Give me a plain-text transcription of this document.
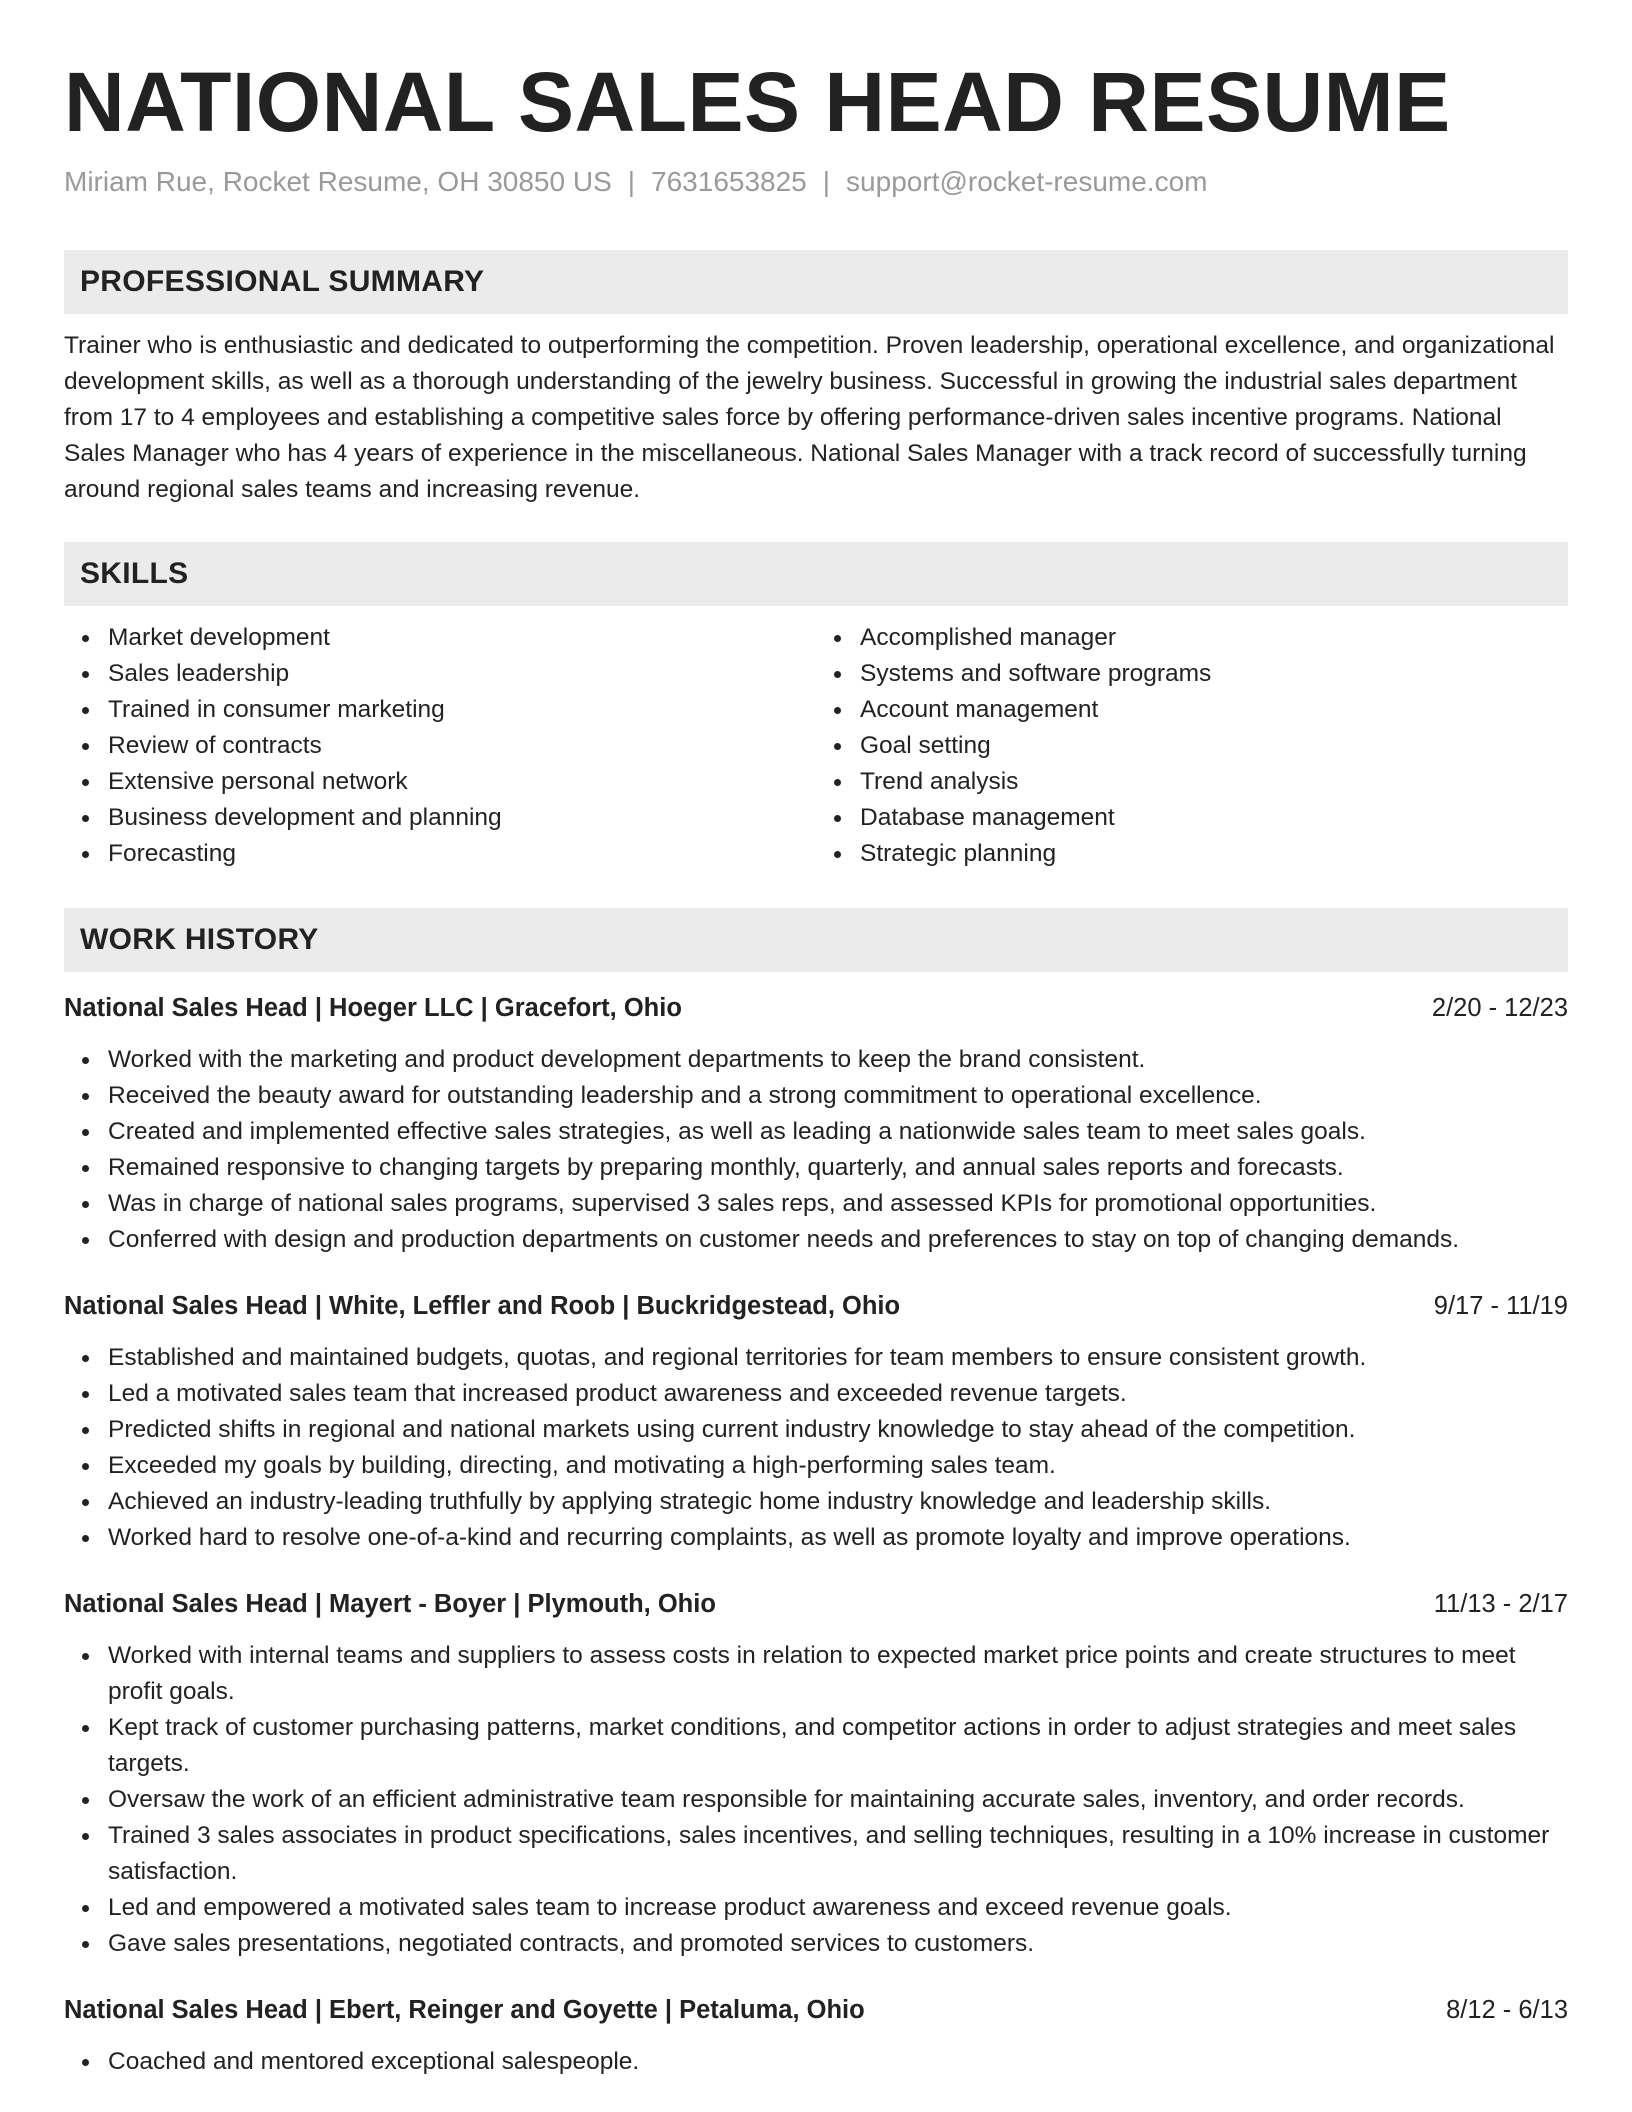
NATIONAL SALES HEAD RESUME
Miriam Rue, Rocket Resume, OH 30850 US | 7631653825 | support@rocket-resume.com
PROFESSIONAL SUMMARY

Trainer who is enthusiastic and dedicated to outperforming the competition. Proven leadership, operational excellence, and organizational development skills, as well as a thorough understanding of the jewelry business. Successful in growing the industrial sales department from 17 to 4 employees and establishing a competitive sales force by offering performance-driven sales incentive programs. National Sales Manager who has 4 years of experience in the miscellaneous. National Sales Manager with a track record of successfully turning around regional sales teams and increasing revenue.

SKILLS
Market development
Sales leadership
Trained in consumer marketing
Review of contracts
Extensive personal network
Business development and planning
Forecasting
Accomplished manager
Systems and software programs
Account management
Goal setting
Trend analysis
Database management
Strategic planning
WORK HISTORY
National Sales Head | Hoeger LLC | Gracefort, Ohio	2/20 - 12/23
Worked with the marketing and product development departments to keep the brand consistent.
Received the beauty award for outstanding leadership and a strong commitment to operational excellence.
Created and implemented effective sales strategies, as well as leading a nationwide sales team to meet sales goals.
Remained responsive to changing targets by preparing monthly, quarterly, and annual sales reports and forecasts.
Was in charge of national sales programs, supervised 3 sales reps, and assessed KPIs for promotional opportunities.
Conferred with design and production departments on customer needs and preferences to stay on top of changing demands.
National Sales Head | White, Leffler and Roob | Buckridgestead, Ohio	9/17 - 11/19
Established and maintained budgets, quotas, and regional territories for team members to ensure consistent growth.
Led a motivated sales team that increased product awareness and exceeded revenue targets.
Predicted shifts in regional and national markets using current industry knowledge to stay ahead of the competition.
Exceeded my goals by building, directing, and motivating a high-performing sales team.
Achieved an industry-leading truthfully by applying strategic home industry knowledge and leadership skills.
Worked hard to resolve one-of-a-kind and recurring complaints, as well as promote loyalty and improve operations.
National Sales Head | Mayert - Boyer | Plymouth, Ohio	11/13 - 2/17
Worked with internal teams and suppliers to assess costs in relation to expected market price points and create structures to meet profit goals.
Kept track of customer purchasing patterns, market conditions, and competitor actions in order to adjust strategies and meet sales targets.
Oversaw the work of an efficient administrative team responsible for maintaining accurate sales, inventory, and order records.
Trained 3 sales associates in product specifications, sales incentives, and selling techniques, resulting in a 10% increase in customer satisfaction.
Led and empowered a motivated sales team to increase product awareness and exceed revenue goals.
Gave sales presentations, negotiated contracts, and promoted services to customers.
National Sales Head | Ebert, Reinger and Goyette | Petaluma, Ohio	8/12 - 6/13
Coached and mentored exceptional salespeople.
